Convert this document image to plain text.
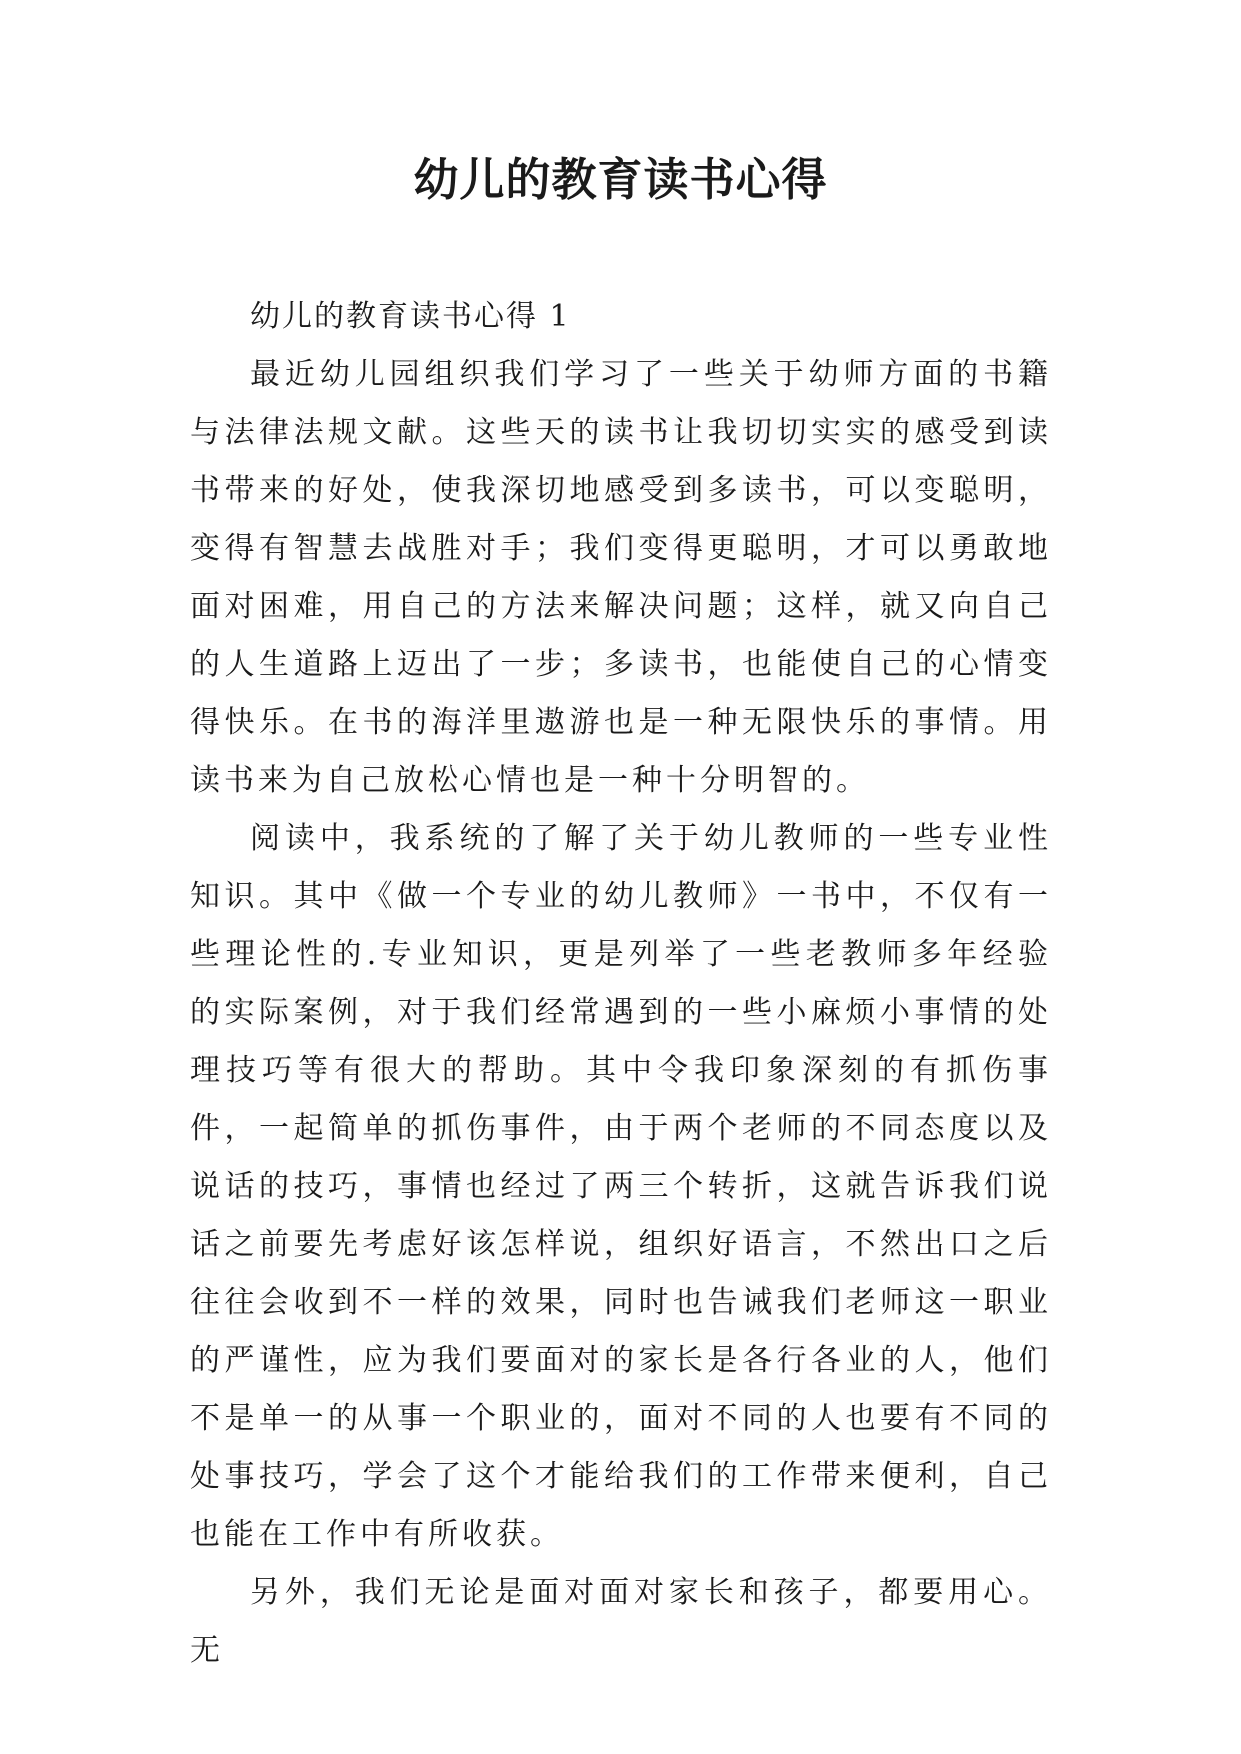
幼儿的教育读书心得
幼儿的教育读书心得 1

最近幼儿园组织我们学习了一些关于幼师方面的书籍与法律法规文献。这些天的读书让我切切实实的感受到读书带来的好处，使我深切地感受到多读书，可以变聪明，变得有智慧去战胜对手；我们变得更聪明，才可以勇敢地面对困难，用自己的方法来解决问题；这样，就又向自己的人生道路上迈出了一步；多读书，也能使自己的心情变得快乐。在书的海洋里遨游也是一种无限快乐的事情。用读书来为自己放松心情也是一种十分明智的。

阅读中，我系统的了解了关于幼儿教师的一些专业性知识。其中《做一个专业的幼儿教师》一书中，不仅有一些理论性的.专业知识，更是列举了一些老教师多年经验的实际案例，对于我们经常遇到的一些小麻烦小事情的处理技巧等有很大的帮助。其中令我印象深刻的有抓伤事件，一起简单的抓伤事件，由于两个老师的不同态度以及说话的技巧，事情也经过了两三个转折，这就告诉我们说话之前要先考虑好该怎样说，组织好语言，不然出口之后往往会收到不一样的效果，同时也告诫我们老师这一职业的严谨性，应为我们要面对的家长是各行各业的人，他们不是单一的从事一个职业的，面对不同的人也要有不同的处事技巧，学会了这个才能给我们的工作带来便利，自己也能在工作中有所收获。

另外，我们无论是面对面对家长和孩子，都要用心。无
